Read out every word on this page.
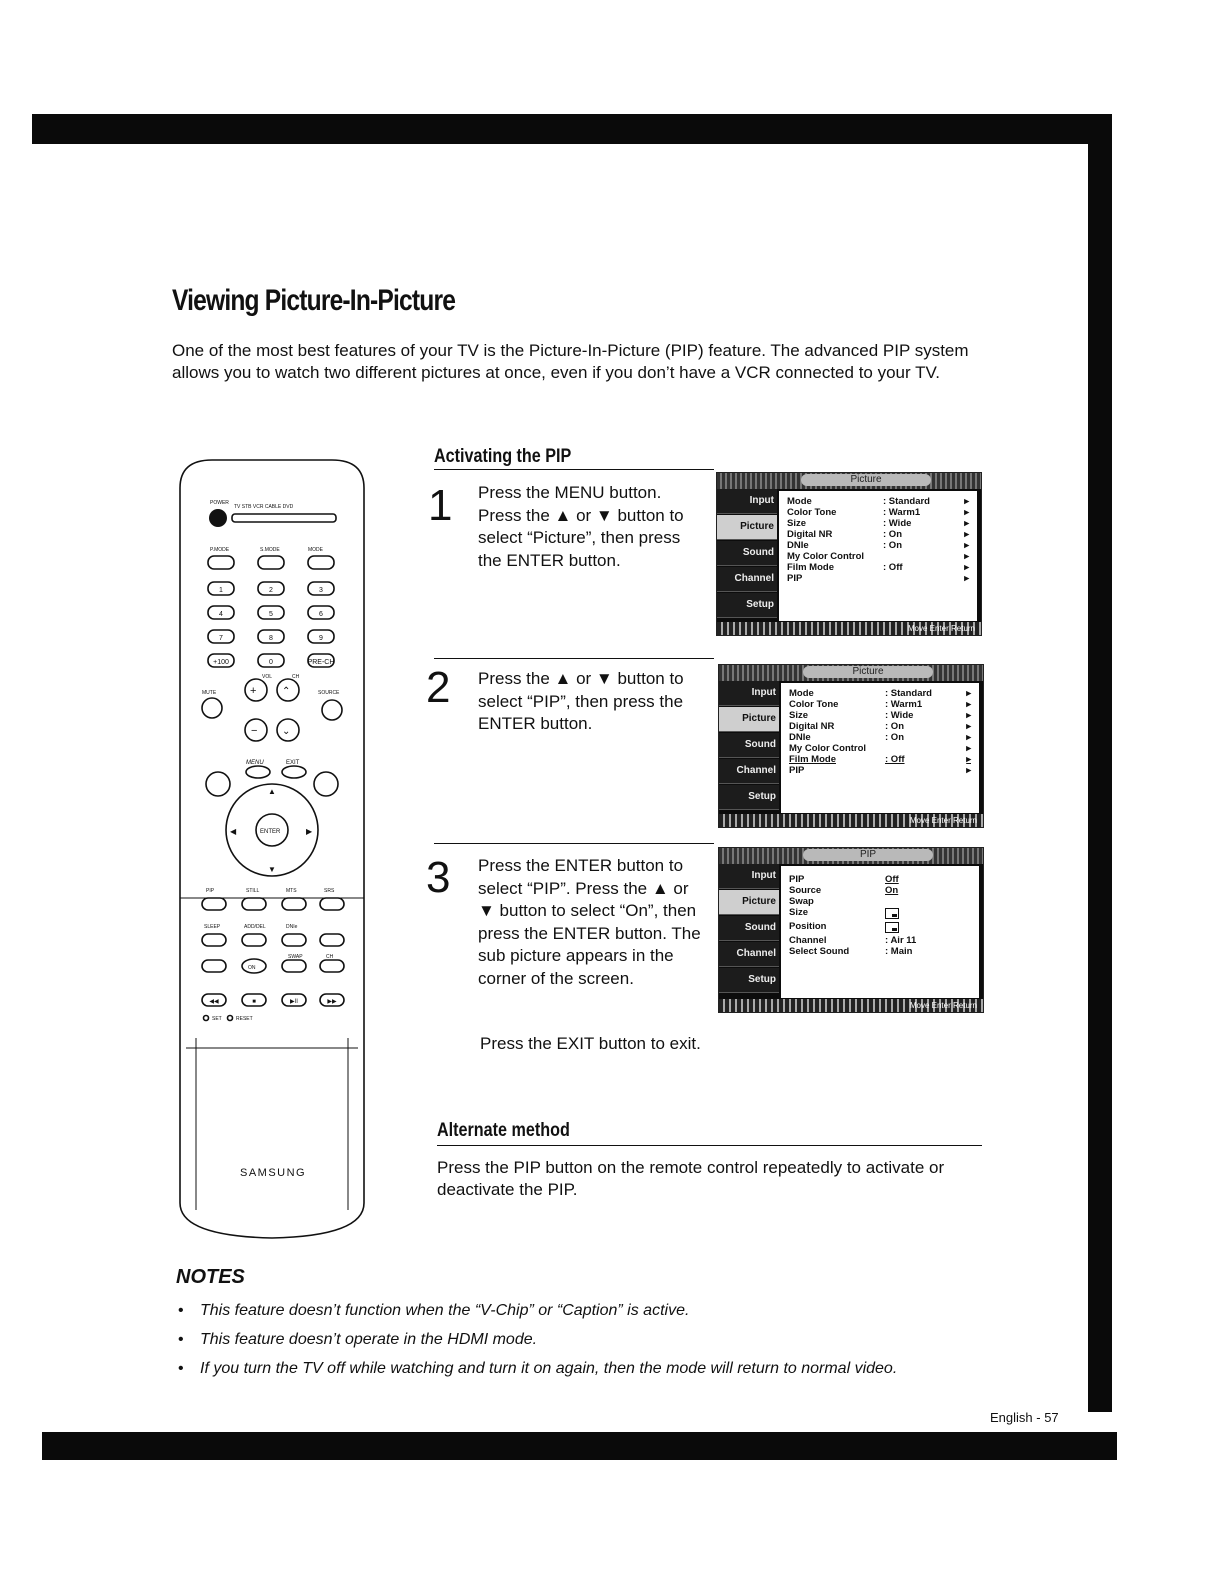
Viewing Picture-In-Picture
One of the most best features of your TV is the Picture-In-Picture (PIP) feature. The advanced PIP system allows you to watch two different pictures at once, even if you don’t have a VCR connected to your TV.
POWER
TV STB VCR CABLE DVD
P.MODE	S.MODE	MODE
1	2	3
4	5	6
7	8	9
+100	0	PRE-CH
VOL	CH
MUTE	SOURCE
+
−
⌃
⌄
MENU	EXIT
ENTER
▲
▼
◀	▶
PIP	STILL	MTS	SRS
SLEEP	ADD/DEL	DNIe
SWAP	CH
ON
◀◀	■	▶II	▶▶
SET	RESET
SAMSUNG
Activating the PIP
1 Press the MENU button. Press the ▲ or ▼ button to select “Picture”, then press the ENTER button.
2 Press the ▲ or ▼ button to select “PIP”, then press the ENTER button.
3 Press the ENTER button to select “PIP”. Press the ▲ or ▼ button to select “On”, then press the ENTER button. The sub picture appears in the corner of the screen.
Press the EXIT button to exit.
Picture
Input
Picture
Sound
Channel
Setup
Mode	: Standard	▸
Color Tone	: Warm1	▸
Size	: Wide	▸
Digital NR	: On	▸
DNIe	: On	▸
My Color Control	▸
Film Mode	: Off	▸
PIP	▸
Move Enter Return
Picture
Input
Picture
Sound
Channel
Setup
Mode	: Standard	▸
Color Tone	: Warm1	▸
Size	: Wide	▸
Digital NR	: On	▸
DNIe	: On	▸
My Color Control	▸
Film Mode	: Off	▸
PIP	▸
Move Enter Return
PIP
Input
Picture
Sound
Channel
Setup
PIP	Off
Source	On
Swap
Size
Position
Channel	: Air 11
Select Sound	: Main
Move Enter Return
Alternate method
Press the PIP button on the remote control repeatedly to activate or deactivate the PIP.
NOTES
• This feature doesn’t function when the “V-Chip” or “Caption” is active.
• This feature doesn’t operate in the HDMI mode.
• If you turn the TV off while watching and turn it on again, then the mode will return to normal video.
English - 57
